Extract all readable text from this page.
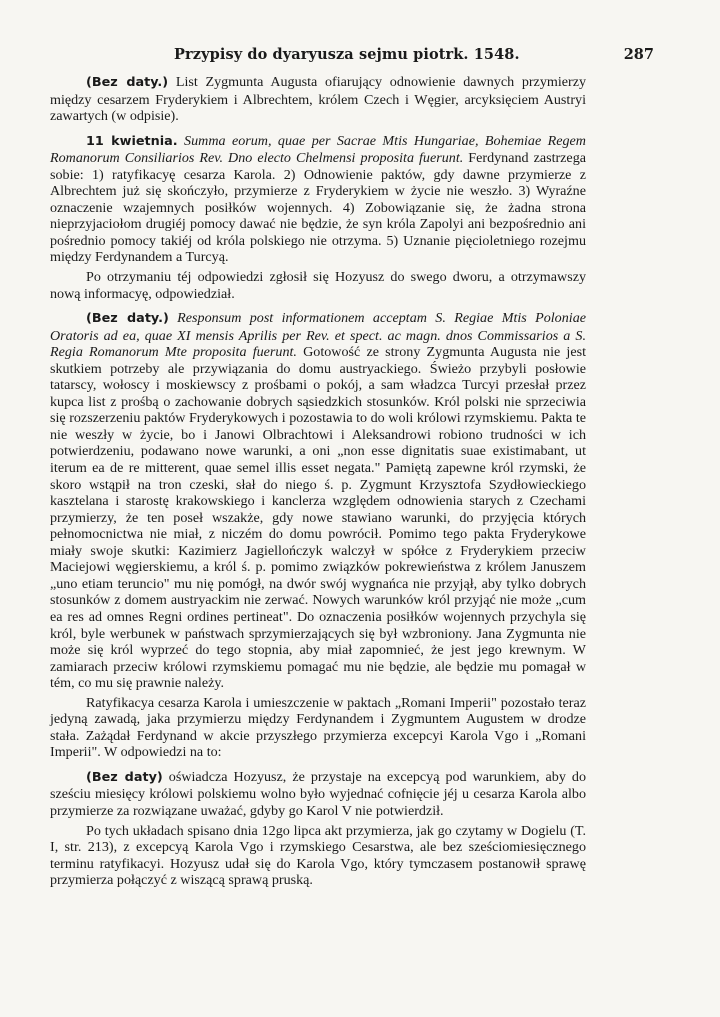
Przypisy do dyaryusza sejmu piotrk. 1548.	287

(Bez daty.) List Zygmunta Augusta ofiarujący odnowienie dawnych przymierzy między cesarzem Fryderykiem i Albrechtem, królem Czech i Węgier, arcyksięciem Austryi zawartych (w odpisie).

11 kwietnia. Summa eorum, quae per Sacrae Mtis Hungariae, Bohemiae Regem Romanorum Consiliarios Rev. Dno electo Chelmensi proposita fuerunt. Ferdynand zastrzega sobie: 1) ratyfikacyę cesarza Karola. 2) Odnowienie paktów, gdy dawne przymierze z Albrechtem już się skończyło, przymierze z Fryderykiem w życie nie weszło. 3) Wyraźne oznaczenie wzajemnych posiłków wojennych. 4) Zobowiązanie się, że żadna strona nieprzyjaciołom drugiéj pomocy dawać nie będzie, że syn króla Zapolyi ani bezpośrednio ani pośrednio pomocy takiéj od króla polskiego nie otrzyma. 5) Uznanie pięcioletniego rozejmu między Ferdynandem a Turcyą.

Po otrzymaniu téj odpowiedzi zgłosił się Hozyusz do swego dworu, a otrzymawszy nową informacyę, odpowiedział.

(Bez daty.) Responsum post informationem acceptam S. Regiae Mtis Poloniae Oratoris ad ea, quae XI mensis Aprilis per Rev. et spect. ac magn. dnos Commissarios a S. Regia Romanorum Mte proposita fuerunt. Gotowość ze strony Zygmunta Augusta nie jest skutkiem potrzeby ale przywiązania do domu austryackiego. Świeżo przybyli posłowie tatarscy, wołoscy i moskiewscy z prośbami o pokój, a sam władzca Turcyi przesłał przez kupca list z prośbą o zachowanie dobrych sąsiedzkich stosunków. Król polski nie sprzeciwia się rozszerzeniu paktów Fryderykowych i pozostawia to do woli królowi rzymskiemu. Pakta te nie weszły w życie, bo i Janowi Olbrachtowi i Aleksandrowi robiono trudności w ich potwierdzeniu, podawano nowe warunki, a oni „non esse dignitatis suae existimabant, ut iterum ea de re mitterent, quae semel illis esset negata." Pamiętą zapewne król rzymski, że skoro wstąpił na tron czeski, słał do niego ś. p. Zygmunt Krzysztofa Szydłowieckiego kasztelana i starostę krakowskiego i kanclerza względem odnowienia starych z Czechami przymierzy, że ten poseł wszakże, gdy nowe stawiano warunki, do przyjęcia których pełnomocnictwa nie miał, z niczém do domu powrócił. Pomimo tego pakta Fryderykowe miały swoje skutki: Kazimierz Jagiellończyk walczył w spółce z Fryderykiem przeciw Maciejowi węgierskiemu, a król ś. p. pomimo związków pokrewieństwa z królem Januszem „uno etiam teruncio" mu nię pomógł, na dwór swój wygnańca nie przyjął, aby tylko dobrych stosunków z domem austryackim nie zerwać. Nowych warunków król przyjąć nie może „cum ea res ad omnes Regni ordines pertineat". Do oznaczenia posiłków wojennych przychyla się król, byle werbunek w państwach sprzymierzających się był wzbroniony. Jana Zygmunta nie może się król wyprzeć do tego stopnia, aby miał zapomnieć, że jest jego krewnym. W zamiarach przeciw królowi rzymskiemu pomagać mu nie będzie, ale będzie mu pomagał w tém, co mu się prawnie należy.

Ratyfikacya cesarza Karola i umieszczenie w paktach „Romani Imperii" pozostało teraz jedyną zawadą, jaka przymierzu między Ferdynandem i Zygmuntem Augustem w drodze stała. Zażądał Ferdynand w akcie przyszłego przymierza excepcyi Karola Vgo i „Romani Imperii". W odpowiedzi na to:

(Bez daty) oświadcza Hozyusz, że przystaje na excepcyą pod warunkiem, aby do sześciu miesięcy królowi polskiemu wolno było wyjednać cofnięcie jéj u cesarza Karola albo przymierze za rozwiązane uważać, gdyby go Karol V nie potwierdził.

Po tych układach spisano dnia 12go lipca akt przymierza, jak go czytamy w Dogielu (T. I, str. 213), z excepcyą Karola Vgo i rzymskiego Cesarstwa, ale bez sześciomiesięcznego terminu ratyfikacyi. Hozyusz udał się do Karola Vgo, który tymczasem postanowił sprawę przymierza połączyć z wiszącą sprawą pruską.
